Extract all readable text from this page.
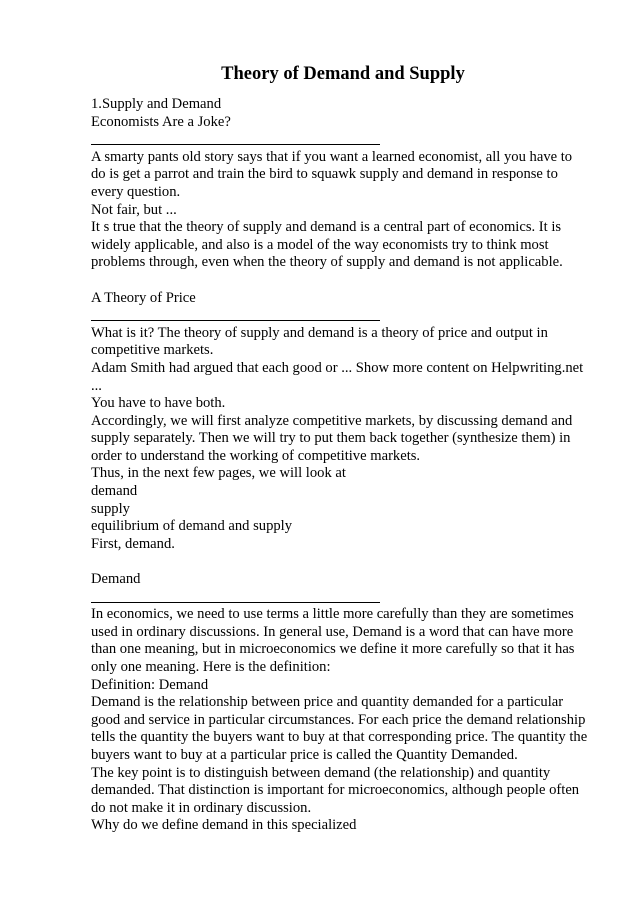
Theory of Demand and Supply

1.Supply and Demand

Economists Are a Joke?

A smarty pants old story says that if you want a learned economist, all you have to

do is get a parrot and train the bird to squawk supply and demand in response to

every question.

Not fair, but ...

It s true that the theory of supply and demand is a central part of economics. It is

widely applicable, and also is a model of the way economists try to think most

problems through, even when the theory of supply and demand is not applicable.

A Theory of Price

What is it? The theory of supply and demand is a theory of price and output in

competitive markets.

Adam Smith had argued that each good or ... Show more content on Helpwriting.net

...

You have to have both.

Accordingly, we will first analyze competitive markets, by discussing demand and

supply separately. Then we will try to put them back together (synthesize them) in

order to understand the working of competitive markets.

Thus, in the next few pages, we will look at

demand

supply

equilibrium of demand and supply

First, demand.

Demand

In economics, we need to use terms a little more carefully than they are sometimes

used in ordinary discussions. In general use, Demand is a word that can have more

than one meaning, but in microeconomics we define it more carefully so that it has

only one meaning. Here is the definition:

Definition: Demand

Demand is the relationship between price and quantity demanded for a particular

good and service in particular circumstances. For each price the demand relationship

tells the quantity the buyers want to buy at that corresponding price. The quantity the

buyers want to buy at a particular price is called the Quantity Demanded.

The key point is to distinguish between demand (the relationship) and quantity

demanded. That distinction is important for microeconomics, although people often

do not make it in ordinary discussion.

Why do we define demand in this specialized
